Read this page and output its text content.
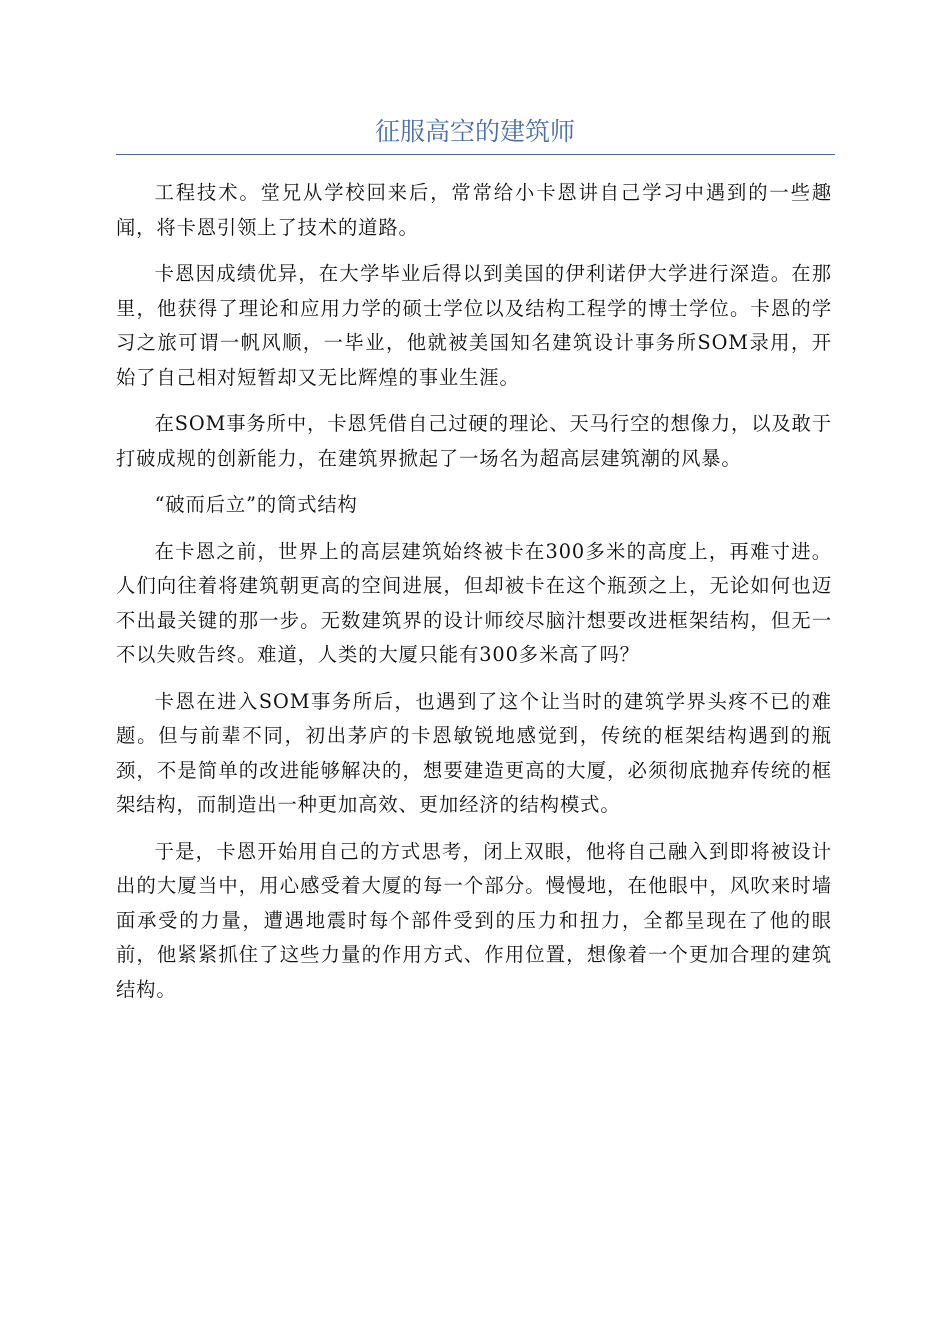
征服高空的建筑师

工程技术。堂兄从学校回来后，常常给小卡恩讲自己学习中遇到的一些趣闻，将卡恩引领上了技术的道路。

卡恩因成绩优异，在大学毕业后得以到美国的伊利诺伊大学进行深造。在那里，他获得了理论和应用力学的硕士学位以及结构工程学的博士学位。卡恩的学习之旅可谓一帆风顺，一毕业，他就被美国知名建筑设计事务所SOM录用，开始了自己相对短暂却又无比辉煌的事业生涯。

在SOM事务所中，卡恩凭借自己过硬的理论、天马行空的想像力，以及敢于打破成规的创新能力，在建筑界掀起了一场名为超高层建筑潮的风暴。

“破而后立”的筒式结构

在卡恩之前，世界上的高层建筑始终被卡在300多米的高度上，再难寸进。人们向往着将建筑朝更高的空间进展，但却被卡在这个瓶颈之上，无论如何也迈不出最关键的那一步。无数建筑界的设计师绞尽脑汁想要改进框架结构，但无一不以失败告终。难道，人类的大厦只能有300多米高了吗？

卡恩在进入SOM事务所后，也遇到了这个让当时的建筑学界头疼不已的难题。但与前辈不同，初出茅庐的卡恩敏锐地感觉到，传统的框架结构遇到的瓶颈，不是简单的改进能够解决的，想要建造更高的大厦，必须彻底抛弃传统的框架结构，而制造出一种更加高效、更加经济的结构模式。

于是，卡恩开始用自己的方式思考，闭上双眼，他将自己融入到即将被设计出的大厦当中，用心感受着大厦的每一个部分。慢慢地，在他眼中，风吹来时墙面承受的力量，遭遇地震时每个部件受到的压力和扭力，全都呈现在了他的眼前，他紧紧抓住了这些力量的作用方式、作用位置，想像着一个更加合理的建筑结构。
